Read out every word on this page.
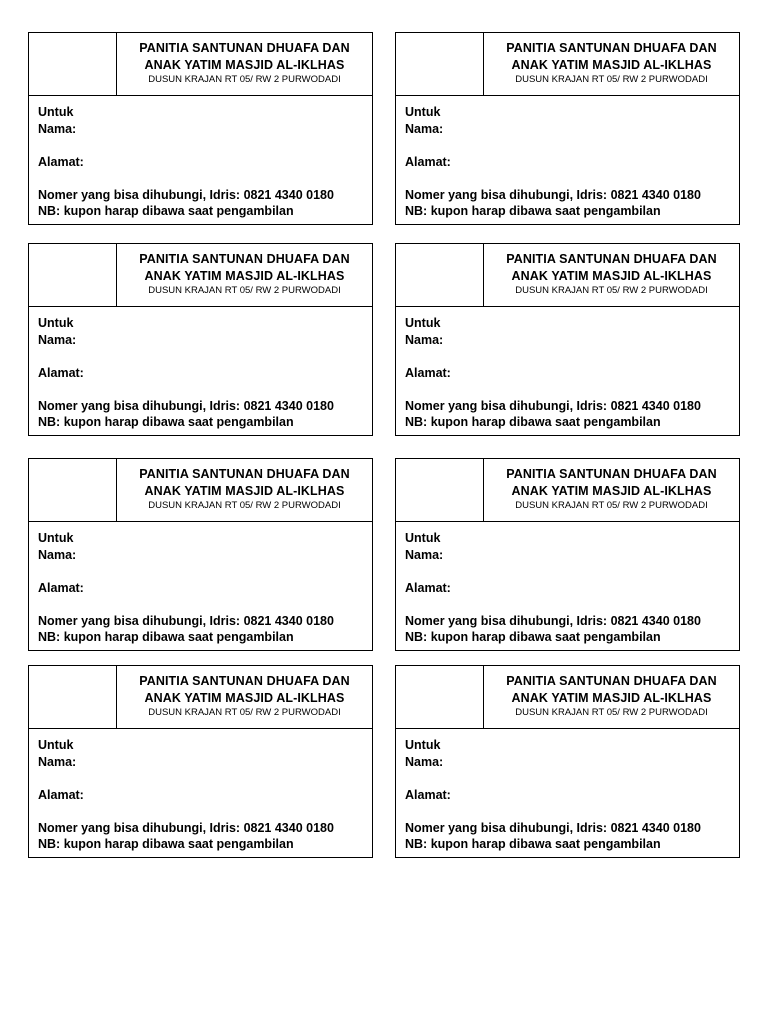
PANITIA SANTUNAN DHUAFA DAN
ANAK YATIM MASJID AL-IKLHAS
DUSUN KRAJAN RT 05/ RW 2 PURWODADI
Untuk
Nama:
Alamat:
Nomer yang bisa dihubungi, Idris: 0821 4340 0180
NB: kupon harap dibawa saat pengambilan
PANITIA SANTUNAN DHUAFA DAN
ANAK YATIM MASJID AL-IKLHAS
DUSUN KRAJAN RT 05/ RW 2 PURWODADI
Untuk
Nama:
Alamat:
Nomer yang bisa dihubungi, Idris: 0821 4340 0180
NB: kupon harap dibawa saat pengambilan
PANITIA SANTUNAN DHUAFA DAN
ANAK YATIM MASJID AL-IKLHAS
DUSUN KRAJAN RT 05/ RW 2 PURWODADI
Untuk
Nama:
Alamat:
Nomer yang bisa dihubungi, Idris: 0821 4340 0180
NB: kupon harap dibawa saat pengambilan
PANITIA SANTUNAN DHUAFA DAN
ANAK YATIM MASJID AL-IKLHAS
DUSUN KRAJAN RT 05/ RW 2 PURWODADI
Untuk
Nama:
Alamat:
Nomer yang bisa dihubungi, Idris: 0821 4340 0180
NB: kupon harap dibawa saat pengambilan
PANITIA SANTUNAN DHUAFA DAN
ANAK YATIM MASJID AL-IKLHAS
DUSUN KRAJAN RT 05/ RW 2 PURWODADI
Untuk
Nama:
Alamat:
Nomer yang bisa dihubungi, Idris: 0821 4340 0180
NB: kupon harap dibawa saat pengambilan
PANITIA SANTUNAN DHUAFA DAN
ANAK YATIM MASJID AL-IKLHAS
DUSUN KRAJAN RT 05/ RW 2 PURWODADI
Untuk
Nama:
Alamat:
Nomer yang bisa dihubungi, Idris: 0821 4340 0180
NB: kupon harap dibawa saat pengambilan
PANITIA SANTUNAN DHUAFA DAN
ANAK YATIM MASJID AL-IKLHAS
DUSUN KRAJAN RT 05/ RW 2 PURWODADI
Untuk
Nama:
Alamat:
Nomer yang bisa dihubungi, Idris: 0821 4340 0180
NB: kupon harap dibawa saat pengambilan
PANITIA SANTUNAN DHUAFA DAN
ANAK YATIM MASJID AL-IKLHAS
DUSUN KRAJAN RT 05/ RW 2 PURWODADI
Untuk
Nama:
Alamat:
Nomer yang bisa dihubungi, Idris: 0821 4340 0180
NB: kupon harap dibawa saat pengambilan
